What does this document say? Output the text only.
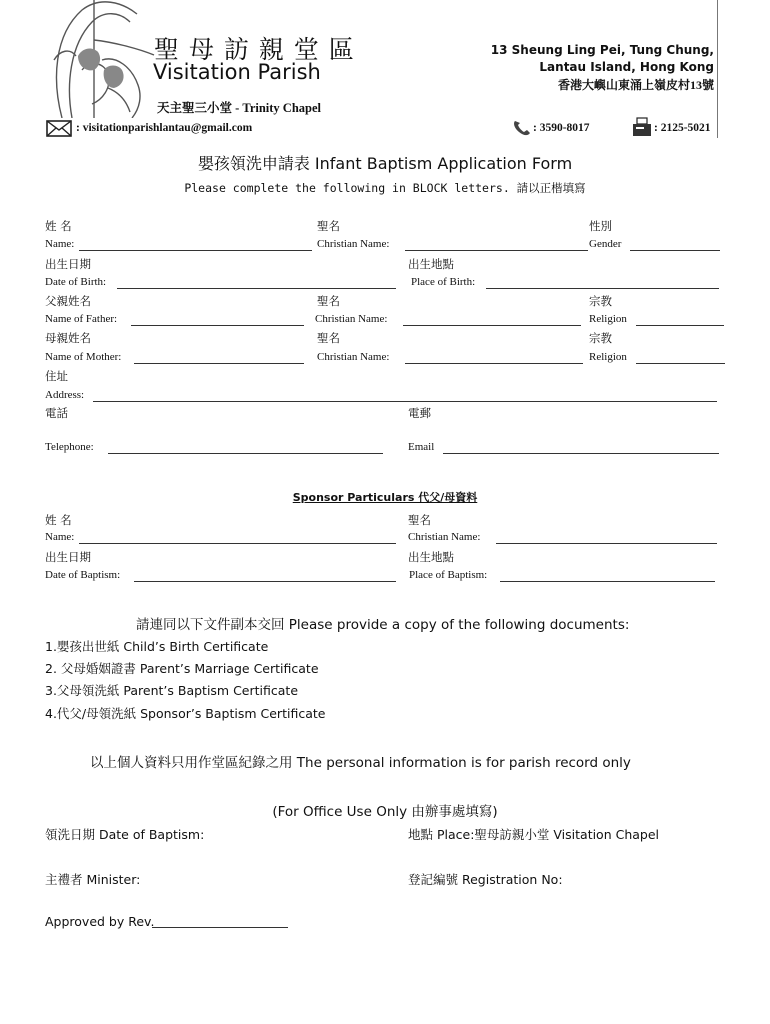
聖 母 訪 親 堂 區
Visitation Parish
天主聖三小堂 - Trinity Chapel
: visitationparishlantau@gmail.com
13 Sheung Ling Pei, Tung Chung,
Lantau Island, Hong Kong
香港大嶼山東涌上嶺皮村13號
: 3590-8017	: 2125-5021
嬰孩領洗申請表 Infant Baptism Application Form
Please complete the following in BLOCK letters. 請以正楷填寫
姓 名	聖名	性別
Name:	Christian Name:	Gender
出生日期	出生地點
Date of Birth:	Place of Birth:
父親姓名	聖名	宗教
Name of Father:	Christian Name:	Religion
母親姓名	聖名	宗教
Name of Mother:	Christian Name:	Religion
住址
Address:
電話	電郵
Telephone:	Email
Sponsor Particulars 代父/母資料
姓 名	聖名
Name:	Christian Name:
出生日期	出生地點
Date of Baptism:	Place of Baptism:
請連同以下文件副本交回 Please provide a copy of the following documents:
1.嬰孩出世紙 Child’s Birth Certificate
2. 父母婚姻證書 Parent’s Marriage Certificate
3.父母領洗紙 Parent’s Baptism Certificate
4.代父/母領洗紙 Sponsor’s Baptism Certificate
以上個人資料只用作堂區紀錄之用 The personal information is for parish record only
(For Office Use Only 由辦事處填寫)
領洗日期 Date of Baptism:	地點 Place:聖母訪親小堂 Visitation Chapel
主禮者 Minister:	登記編號 Registration No:
Approved by Rev.
